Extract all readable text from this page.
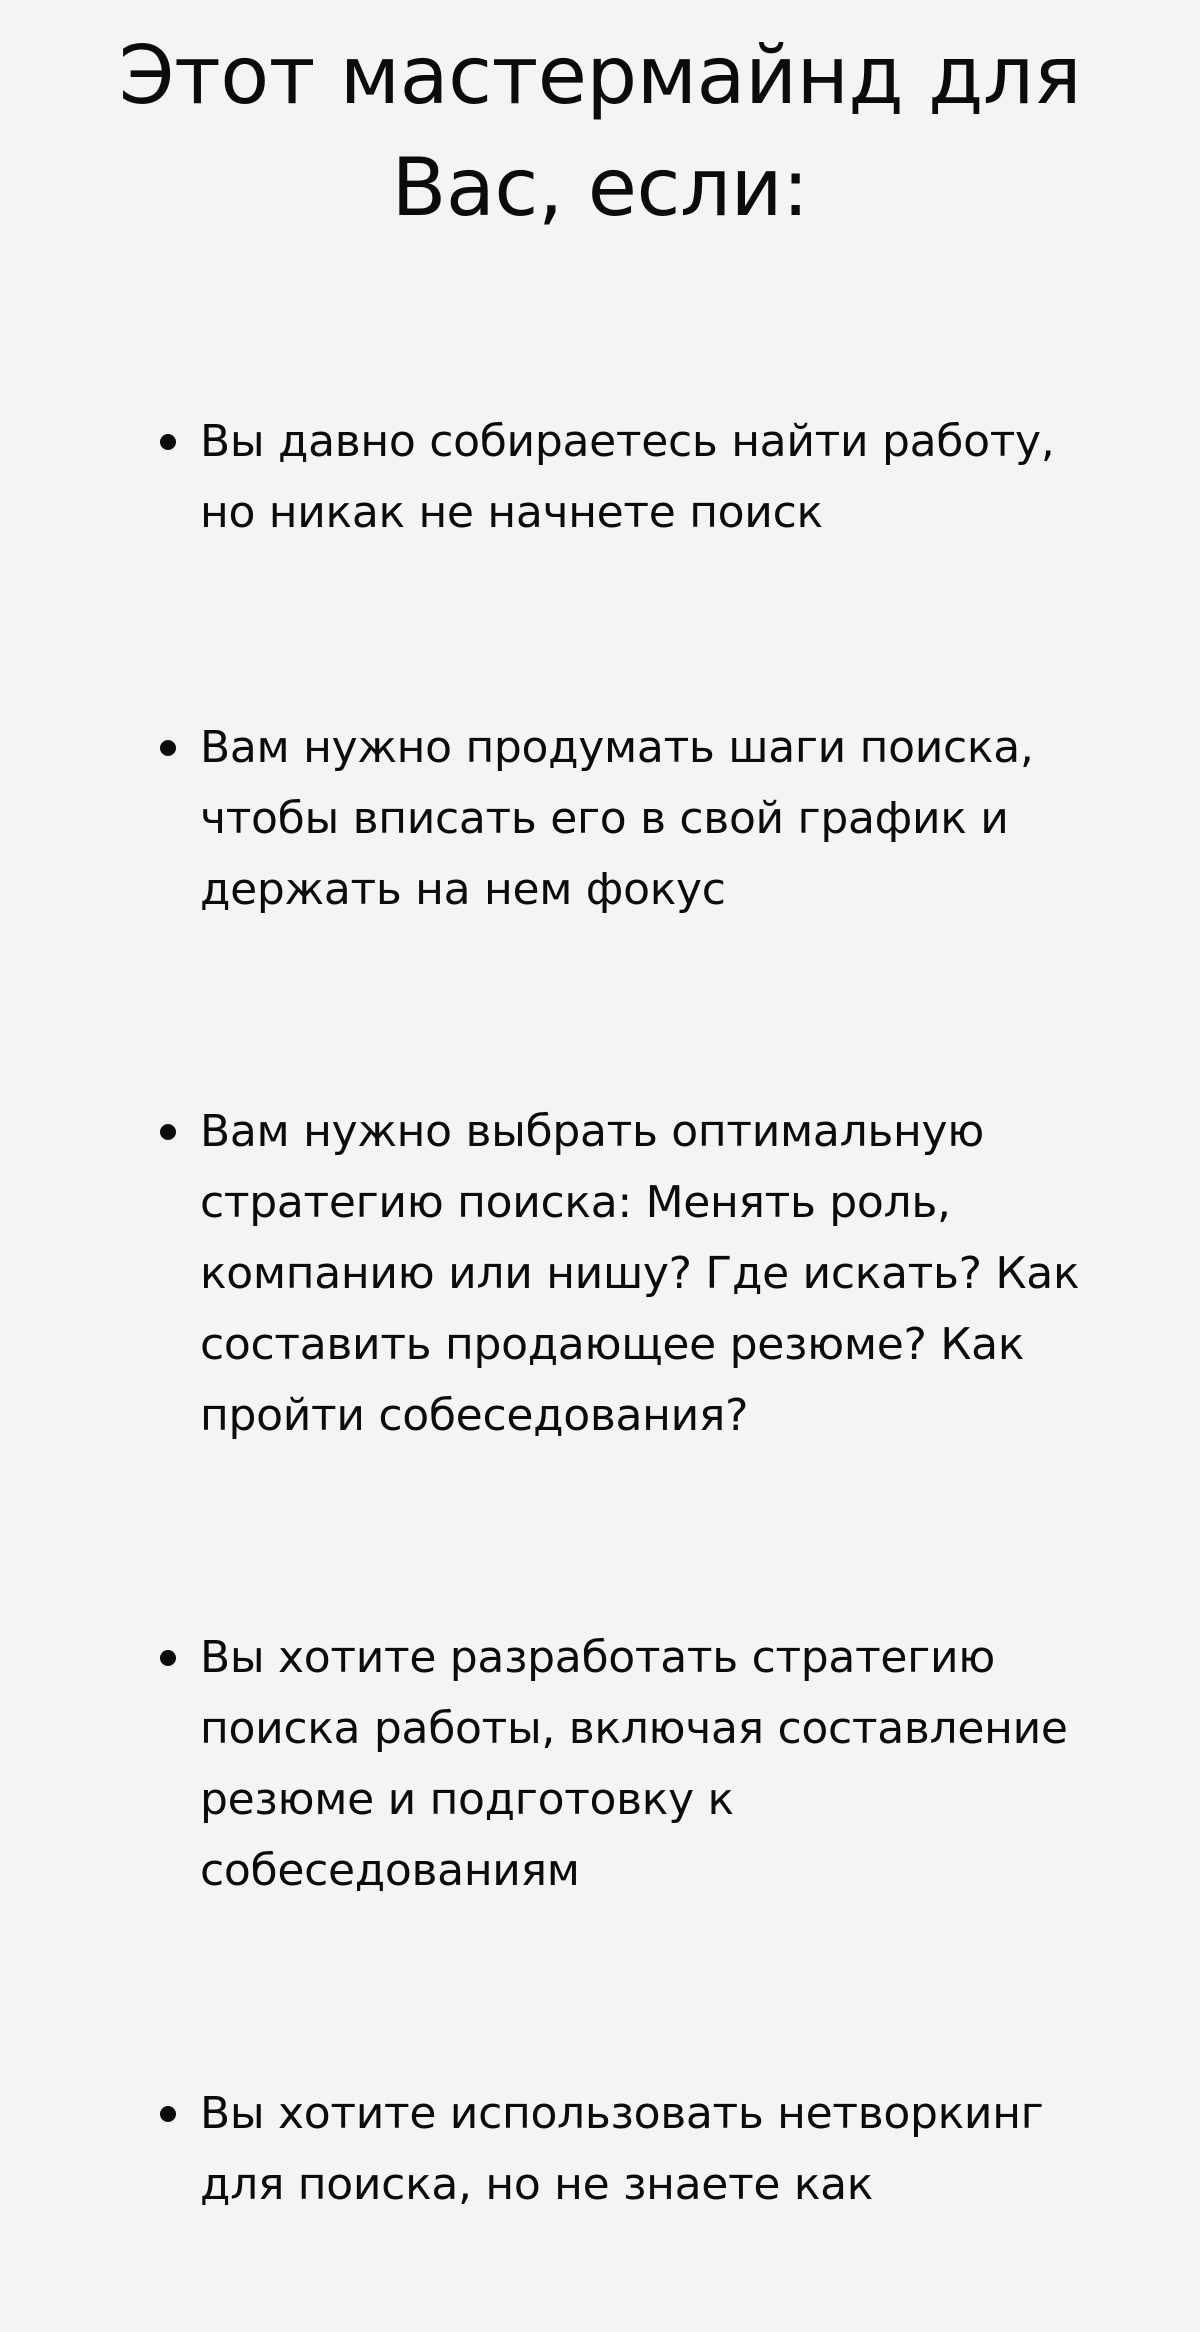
Этот мастермайнд для
Вас, если:
Вы давно собираетесь найти работу,
но никак не начнете поиск
Вам нужно продумать шаги поиска,
чтобы вписать его в свой график и
держать на нем фокус
Вам нужно выбрать оптимальную
стратегию поиска: Менять роль,
компанию или нишу? Где искать? Как
составить продающее резюме? Как
пройти собеседования?
Вы хотите разработать стратегию
поиска работы, включая составление
резюме и подготовку к
собеседованиям
Вы хотите использовать нетворкинг
для поиска, но не знаете как
